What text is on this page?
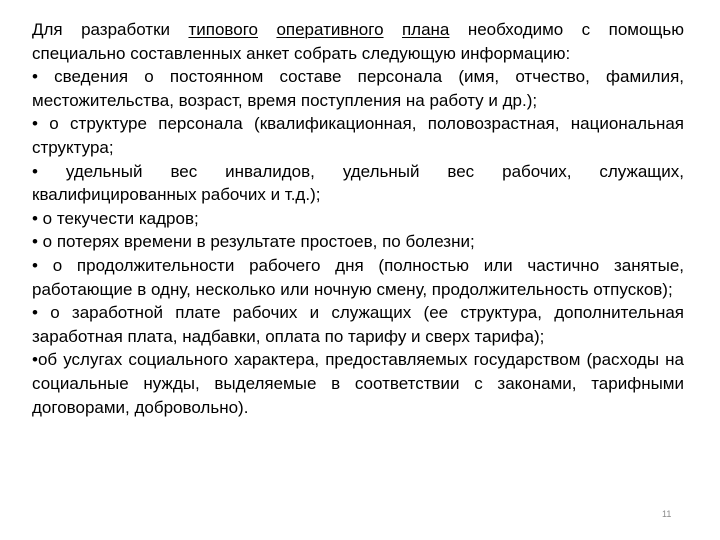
Для разработки типового оперативного плана необходимо с помощью специально составленных анкет собрать следующую информацию:

• сведения о постоянном составе персонала (имя, отчество, фамилия, местожительства, возраст, время поступления на работу и др.);

• о структуре персонала (квалификационная, половозрастная, национальная структура;

• удельный вес инвалидов, удельный вес рабочих, служащих, квалифицированных рабочих и т.д.);

• о текучести кадров;

• о потерях времени в результате простоев, по болезни;

• о продолжительности рабочего дня (полностью или частично занятые, работающие в одну, несколько или ночную смену, продолжительность отпусков);

• о заработной плате рабочих и служащих (ее структура, дополнительная заработная плата, надбавки, оплата по тарифу и сверх тарифа);

•об услугах социального характера, предоставляемых государством (расходы на социальные нужды, выделяемые в соответствии с законами, тарифными договорами, добровольно).

11
